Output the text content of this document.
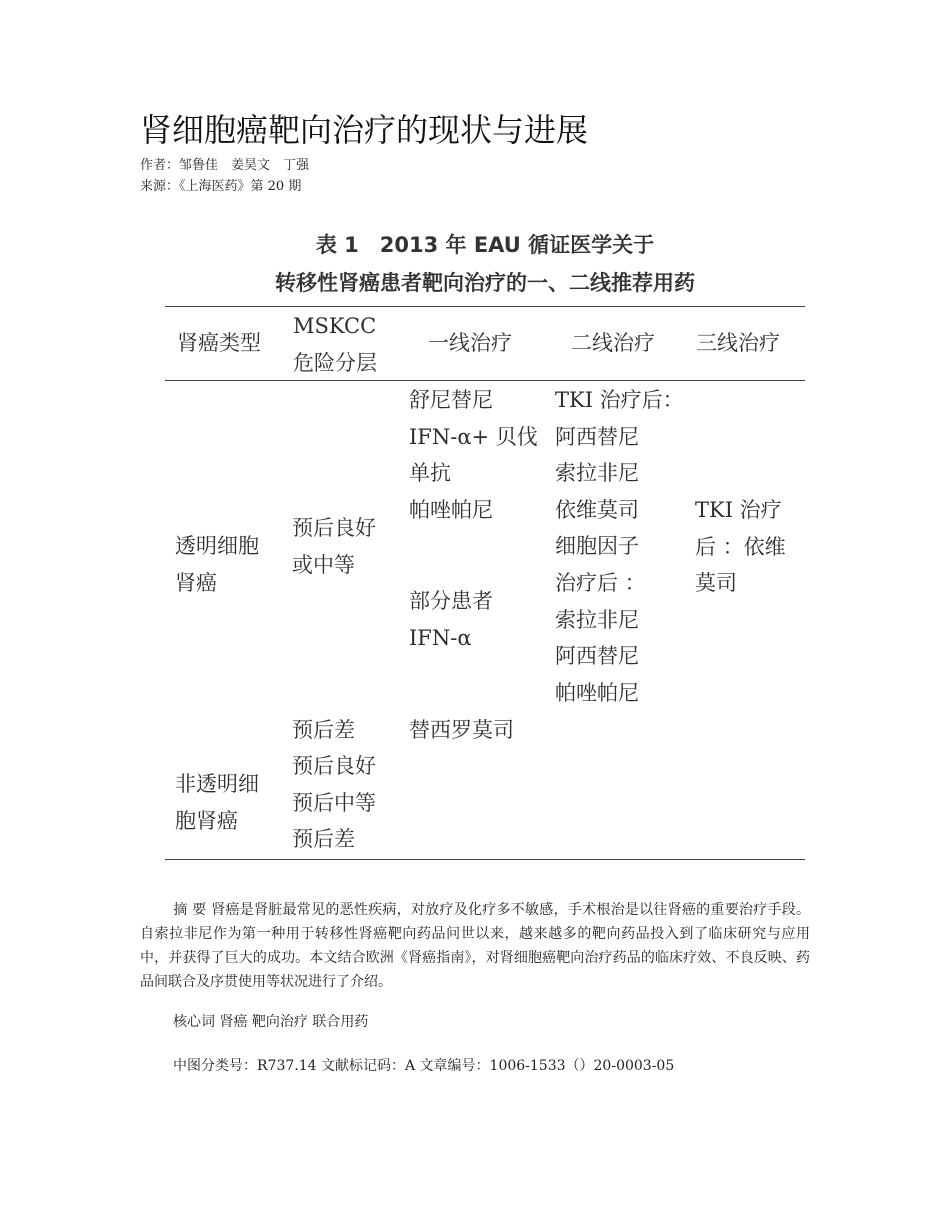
肾细胞癌靶向治疗的现状与进展
作者：邹鲁佳　姜昊文　丁强
来源：《上海医药》第 20 期
表 1　2013 年 EAU 循证医学关于
转移性肾癌患者靶向治疗的一、二线推荐用药
肾癌类型
MSKCC
危险分层
一线治疗	二线治疗 三线治疗
透明细胞
肾癌
预后良好
或中等
舒尼替尼
IFN-α+ 贝伐
单抗
帕唑帕尼
部分患者
IFN-α
TKI 治疗后：
阿西替尼
索拉非尼
依维莫司
细胞因子
治疗后 ：
索拉非尼
阿西替尼
帕唑帕尼
TKI 治疗
后 ：依维
莫司
预后差	替西罗莫司
非透明细
胞肾癌
预后良好
预后中等
预后差
摘 要 肾癌是肾脏最常见的恶性疾病，对放疗及化疗多不敏感，手术根治是以往肾癌的重要治疗手段。自索拉非尼作为第一种用于转移性肾癌靶向药品问世以来，越来越多的靶向药品投入到了临床研究与应用中，并获得了巨大的成功。本文结合欧洲《肾癌指南》，对肾细胞癌靶向治疗药品的临床疗效、不良反映、药品间联合及序贯使用等状况进行了介绍。
核心词 肾癌 靶向治疗 联合用药
中图分类号：R737.14 文献标记码：A 文章编号：1006-1533（）20-0003-05
